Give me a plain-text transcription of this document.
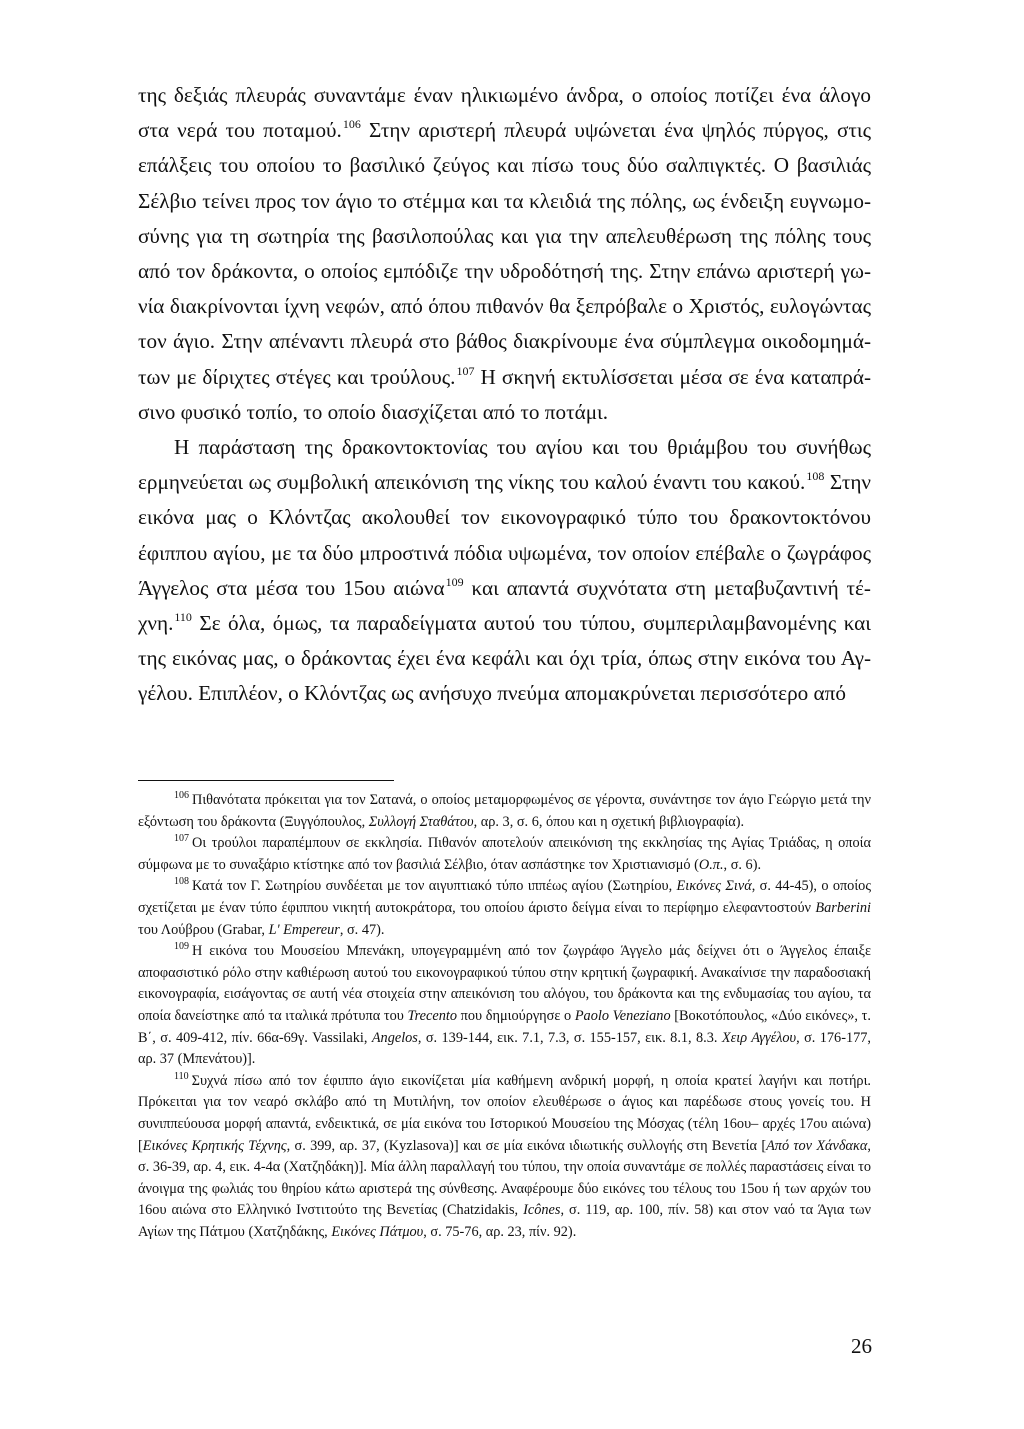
της δεξιάς πλευράς συναντάμε έναν ηλικιωμένο άνδρα, ο οποίος ποτίζει ένα άλογο στα νερά του ποταμού.$^{106}$ Στην αριστερή πλευρά υψώνεται ένα ψηλός πύργος, στις επάλξεις του οποίου το βασιλικό ζεύγος και πίσω τους δύο σαλπιγκτές. Ο βασιλιάς Σέλβιο τείνει προς τον άγιο το στέμμα και τα κλειδιά της πόλης, ως ένδειξη ευγνωμοσύνης για τη σωτηρία της βασιλοπούλας και για την απελευθέρωση της πόλης τους από τον δράκοντα, ο οποίος εμπόδιζε την υδροδότησή της. Στην επάνω αριστερή γωνία διακρίνονται ίχνη νεφών, από όπου πιθανόν θα ξεπρόβαλε ο Χριστός, ευλογώντας τον άγιο. Στην απέναντι πλευρά στο βάθος διακρίνουμε ένα σύμπλεγμα οικοδομημάτων με δίριχτες στέγες και τρούλους.$^{107}$ Η σκηνή εκτυλίσσεται μέσα σε ένα καταπράσινο φυσικό τοπίο, το οποίο διασχίζεται από το ποτάμι.

Η παράσταση της δρακοντοκτονίας του αγίου και του θριάμβου του συνήθως ερμηνεύεται ως συμβολική απεικόνιση της νίκης του καλού έναντι του κακού.$^{108}$ Στην εικόνα μας ο Κλόντζας ακολουθεί τον εικονογραφικό τύπο του δρακοντοκτόνου έφιππου αγίου, με τα δύο μπροστινά πόδια υψωμένα, τον οποίον επέβαλε ο ζωγράφος Άγγελος στα μέσα του 15ου αιώνα$^{109}$ και απαντά συχνότατα στη μεταβυζαντινή τέχνη.$^{110}$ Σε όλα, όμως, τα παραδείγματα αυτού του τύπου, συμπεριλαμβανομένης και της εικόνας μας, ο δράκοντας έχει ένα κεφάλι και όχι τρία, όπως στην εικόνα του Αγγέλου. Επιπλέον, ο Κλόντζας ως ανήσυχο πνεύμα απομακρύνεται περισσότερο από

$^{106}$ Πιθανότατα πρόκειται για τον Σατανά, ο οποίος μεταμορφωμένος σε γέροντα, συνάντησε τον άγιο Γεώργιο μετά την εξόντωση του δράκοντα (Ξυγγόπουλος, Συλλογή Σταθάτου, αρ. 3, σ. 6, όπου και η σχετική βιβλιογραφία).

$^{107}$ Οι τρούλοι παραπέμπουν σε εκκλησία. Πιθανόν αποτελούν απεικόνιση της εκκλησίας της Αγίας Τριάδας, η οποία σύμφωνα με το συναξάριο κτίστηκε από τον βασιλιά Σέλβιο, όταν ασπάστηκε τον Χριστιανισμό (Ο.π., σ. 6).

$^{108}$ Κατά τον Γ. Σωτηρίου συνδέεται με τον αιγυπτιακό τύπο ιππέως αγίου (Σωτηρίου, Εικόνες Σινά, σ. 44-45), ο οποίος σχετίζεται με έναν τύπο έφιππου νικητή αυτοκράτορα, του οποίου άριστο δείγμα είναι το περίφημο ελεφαντοστούν Barberini του Λούβρου (Grabar, L' Empereur, σ. 47).

$^{109}$ Η εικόνα του Μουσείου Μπενάκη, υπογεγραμμένη από τον ζωγράφο Άγγελο μάς δείχνει ότι ο Άγγελος έπαιξε αποφασιστικό ρόλο στην καθιέρωση αυτού του εικονογραφικού τύπου στην κρητική ζωγραφική. Ανακαίνισε την παραδοσιακή εικονογραφία, εισάγοντας σε αυτή νέα στοιχεία στην απεικόνιση του αλόγου, του δράκοντα και της ενδυμασίας του αγίου, τα οποία δανείστηκε από τα ιταλικά πρότυπα του Trecento που δημιούργησε ο Paolo Veneziano [Βοκοτόπουλος, «Δύο εικόνες», τ. Β΄, σ. 409-412, πίν. 66α-69γ. Vassilaki, Angelos, σ. 139-144, εικ. 7.1, 7.3, σ. 155-157, εικ. 8.1, 8.3. Χειρ Αγγέλου, σ. 176-177, αρ. 37 (Μπενάτου)].

$^{110}$ Συχνά πίσω από τον έφιππο άγιο εικονίζεται μία καθήμενη ανδρική μορφή, η οποία κρατεί λαγήνι και ποτήρι. Πρόκειται για τον νεαρό σκλάβο από τη Μυτιλήνη, τον οποίον ελευθέρωσε ο άγιος και παρέδωσε στους γονείς του. Η συνιππεύουσα μορφή απαντά, ενδεικτικά, σε μία εικόνα του Ιστορικού Μουσείου της Μόσχας (τέλη 16ου– αρχές 17ου αιώνα) [Εικόνες Κρητικής Τέχνης, σ. 399, αρ. 37, (Kyzlasova)] και σε μία εικόνα ιδιωτικής συλλογής στη Βενετία [Από τον Χάνδακα, σ. 36-39, αρ. 4, εικ. 4-4α (Χατζηδάκη)]. Μία άλλη παραλλαγή του τύπου, την οποία συναντάμε σε πολλές παραστάσεις είναι το άνοιγμα της φωλιάς του θηρίου κάτω αριστερά της σύνθεσης. Αναφέρουμε δύο εικόνες του τέλους του 15ου ή των αρχών του 16ου αιώνα στο Ελληνικό Ινστιτούτο της Βενετίας (Chatzidakis, Icônes, σ. 119, αρ. 100, πίν. 58) και στον ναό τα Άγια των Αγίων της Πάτμου (Χατζηδάκης, Εικόνες Πάτμου, σ. 75-76, αρ. 23, πίν. 92).

26
